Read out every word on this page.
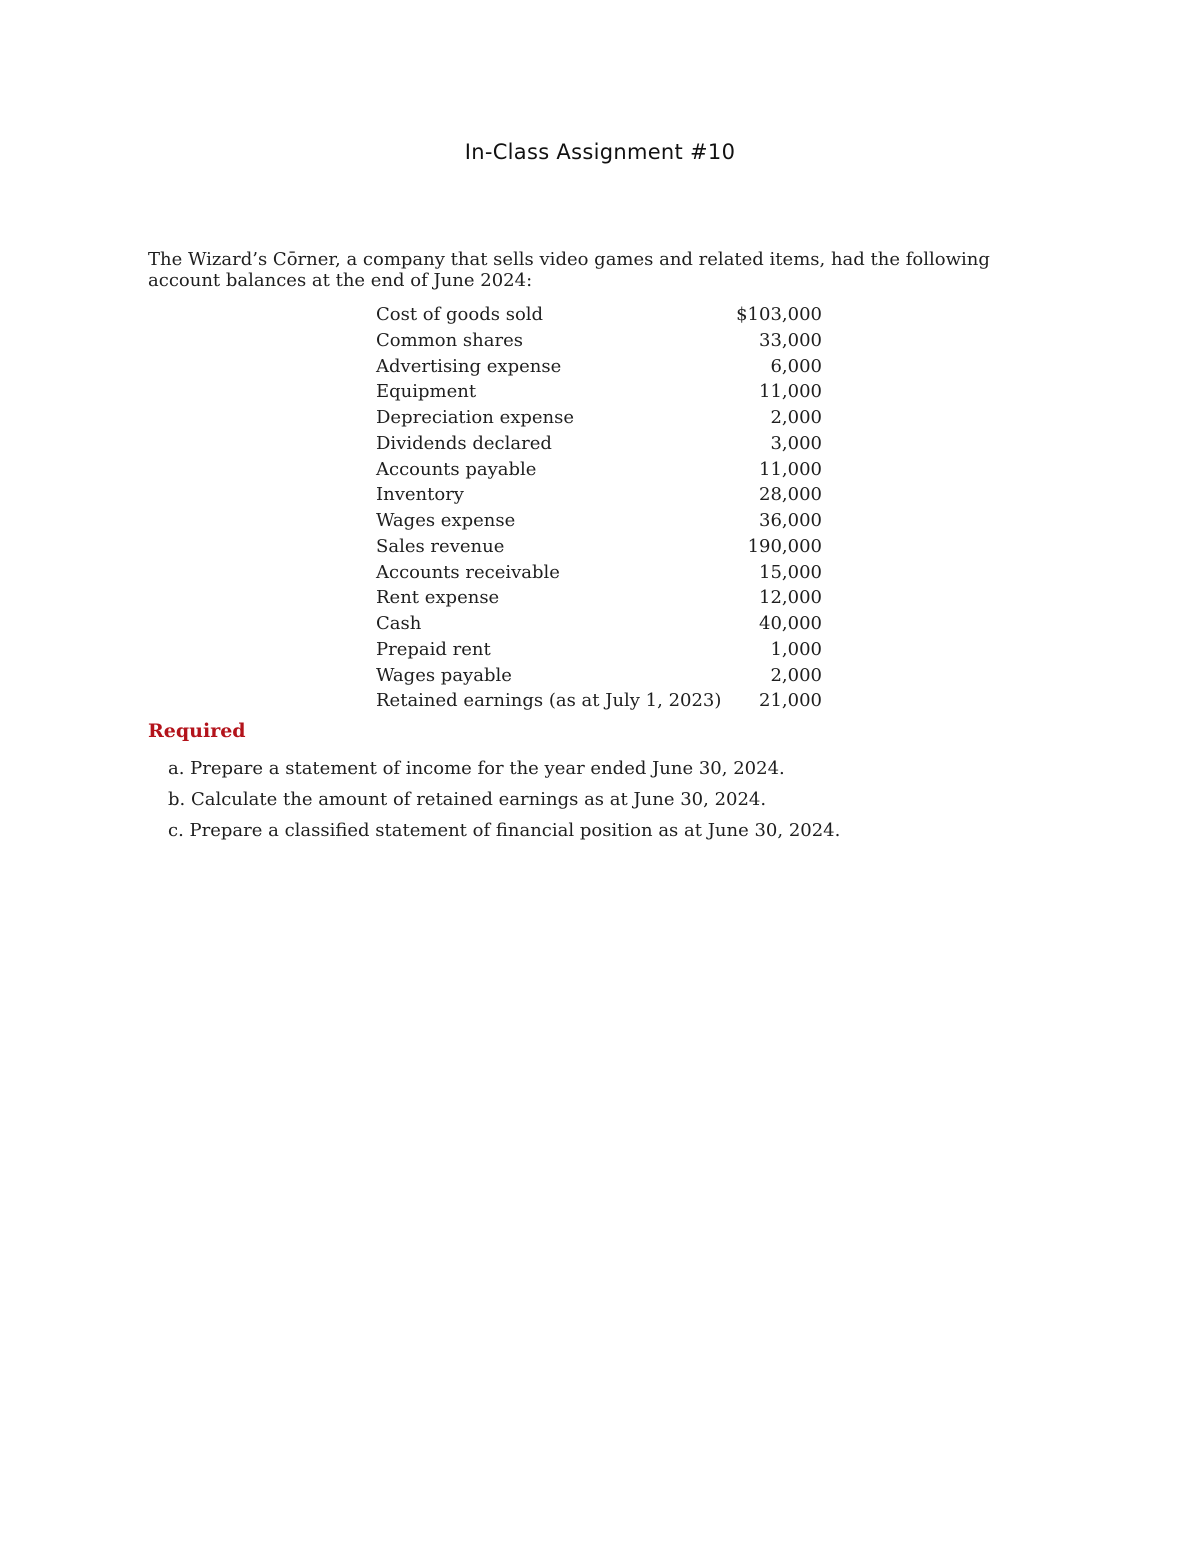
In-Class Assignment #10
The Wizard’s Cōrner, a company that sells video games and related items, had the following account balances at the end of June 2024:
Cost of goods sold	$103,000
Common shares	33,000
Advertising expense	6,000
Equipment	11,000
Depreciation expense	2,000
Dividends declared	3,000
Accounts payable	11,000
Inventory	28,000
Wages expense	36,000
Sales revenue	190,000
Accounts receivable	15,000
Rent expense	12,000
Cash	40,000
Prepaid rent	1,000
Wages payable	2,000
Retained earnings (as at July 1, 2023)	21,000
Required
a. Prepare a statement of income for the year ended June 30, 2024.
b. Calculate the amount of retained earnings as at June 30, 2024.
c. Prepare a classified statement of financial position as at June 30, 2024.
